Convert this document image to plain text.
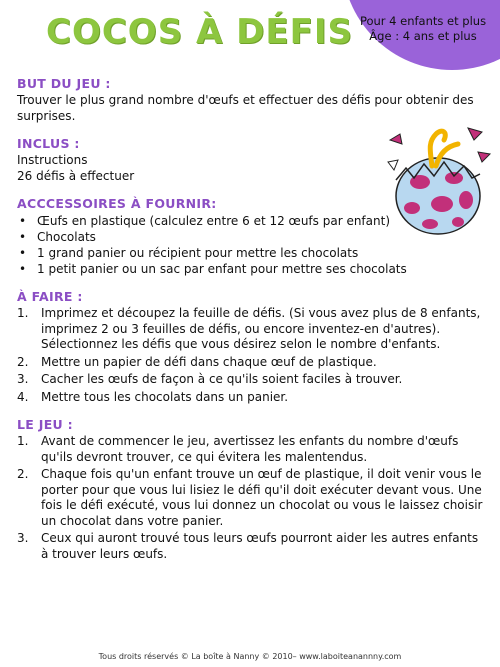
Pour 4 enfants et plus
Âge : 4 ans et plus
COCOS À DÉFIS
BUT DU JEU :

Trouver le plus grand nombre d'œufs et effectuer des défis pour obtenir des surprises.

INCLUS :

Instructions

26 défis à effectuer

ACCCESSOIRES À FOURNIR:
• Œufs en plastique (calculez entre 6 et 12 œufs par enfant)
• Chocolats
• 1 grand panier ou récipient pour mettre les chocolats
• 1 petit panier ou un sac par enfant pour mettre ses chocolats
À FAIRE :
1. Imprimez et découpez la feuille de défis. (Si vous avez plus de 8 enfants, imprimez 2 ou 3 feuilles de défis, ou encore inventez-en d'autres). Sélectionnez les défis que vous désirez selon le nombre d'enfants.
2. Mettre un papier de défi dans chaque œuf de plastique.
3. Cacher les œufs de façon à ce qu'ils soient faciles à trouver.
4. Mettre tous les chocolats dans un panier.
LE JEU :
1. Avant de commencer le jeu, avertissez les enfants du nombre d'œufs qu'ils devront trouver, ce qui évitera les malentendus.
2. Chaque fois qu'un enfant trouve un œuf de plastique, il doit venir vous le porter pour que vous lui lisiez le défi qu'il doit exécuter devant vous. Une fois le défi exécuté, vous lui donnez un chocolat ou vous le laissez choisir un chocolat dans votre panier.
3. Ceux qui auront trouvé tous leurs œufs pourront aider les autres enfants à trouver leurs œufs.
Tous droits réservés © La boîte à Nanny © 2010– www.laboiteanannny.com
